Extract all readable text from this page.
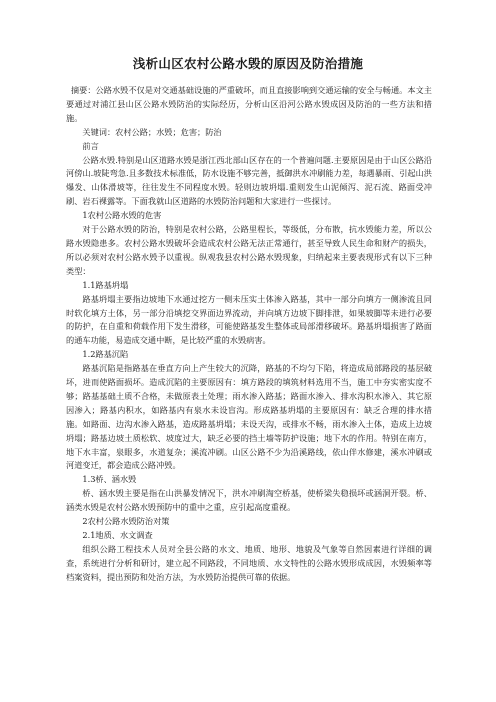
浅析山区农村公路水毁的原因及防治措施

摘要：公路水毁不仅是对交通基础设施的严重破坏，而且直接影响到交通运输的安全与畅通。本文主要通过对浦江县山区公路水毁防治的实际经历，分析山区沿河公路水毁成因及防治的一些方法和措施。

关键词：农村公路；水毁；危害；防治

前言

公路水毁.特别是山区道路水毁是浙江西北部山区存在的一个普遍问题.主要原因是由于山区公路沿河傍山.坡陡弯急.且多数技术标准低，防水设施不够完善，抵御洪水冲刷能力差，每遇暴雨、引起山洪爆发、山体滑坡等，往往发生不同程度水毁。轻则边坡坍塌.重则发生山泥倾泻、泥石流、路面受冲刷、岩石裸露等。下面我就山区道路的水毁防治问题和大家进行一些探讨。

1农村公路水毁的危害

对于公路水毁的防治，特别是农村公路，公路里程长，等级低，分布散，抗水毁能力差，所以公路水毁隐患多。农村公路水毁破坏会造成农村公路无法正常通行，甚至导致人民生命和财产的损失，所以必须对农村公路水毁予以重视。纵观我县农村公路水毁现象，归纳起来主要表现形式有以下三种类型：

1.1路基坍塌

路基坍塌主要指边坡地下水通过挖方一侧未压实土体渗入路基，其中一部分向填方一侧渗流且同时软化填方土体，另一部分沿填挖交界面边界流动，并向填方边坡下脚排泄，如果坡脚等未进行必要的防护，在自重和荷载作用下发生滑移，可能使路基发生整体或局部滑移破坏。路基坍塌损害了路面的通车功能，易造成交通中断，是比较严重的水毁病害。

1.2路基沉陷

路基沉陷是指路基在垂直方向上产生较大的沉降，路基的不均匀下陷，将造成局部路段的基层破坏，进而使路面损坏。造成沉陷的主要原因有：填方路段的填筑材料选用不当，施工中夯实密实度不够；路基基础土质不合格，未做原表土处理；雨水渗入路基；路面水渗入、排水沟积水渗入、其它原因渗入；路基内积水，如路基内有泉水未设盲沟。形成路基坍塌的主要原因有：缺乏合理的排水措施。如路面、边沟水渗入路基，造成路基坍塌；未设天沟，或排水不畅，雨水渗入土体，造成上边坡坍塌；路基边坡土质松软、坡度过大，缺乏必要的挡土墙等防护设施；地下水的作用。特别在南方，地下水丰富，泉眼多，水道复杂；溪流冲刷。山区公路不少为沿溪路线，依山伴水修建，溪水冲刷或河道变迁，都会造成公路冲毁。

1.3桥、涵水毁

桥、涵水毁主要是指在山洪暴发情况下，洪水冲刷淘空桥基，使桥梁失稳损坏或涵洞开裂。桥、涵类水毁是农村公路水毁预防中的重中之重，应引起高度重视。

2农村公路水毁防治对策

2.1地质、水文调查

组织公路工程技术人员对全县公路的水文、地质、地形、地貌及气象等自然因素进行详细的调查，系统进行分析和研讨，建立起不同路段，不同地质、水文特性的公路水毁形成成因，水毁频率等档案资料，提出预防和处治方法，为水毁防治提供可靠的依据。
